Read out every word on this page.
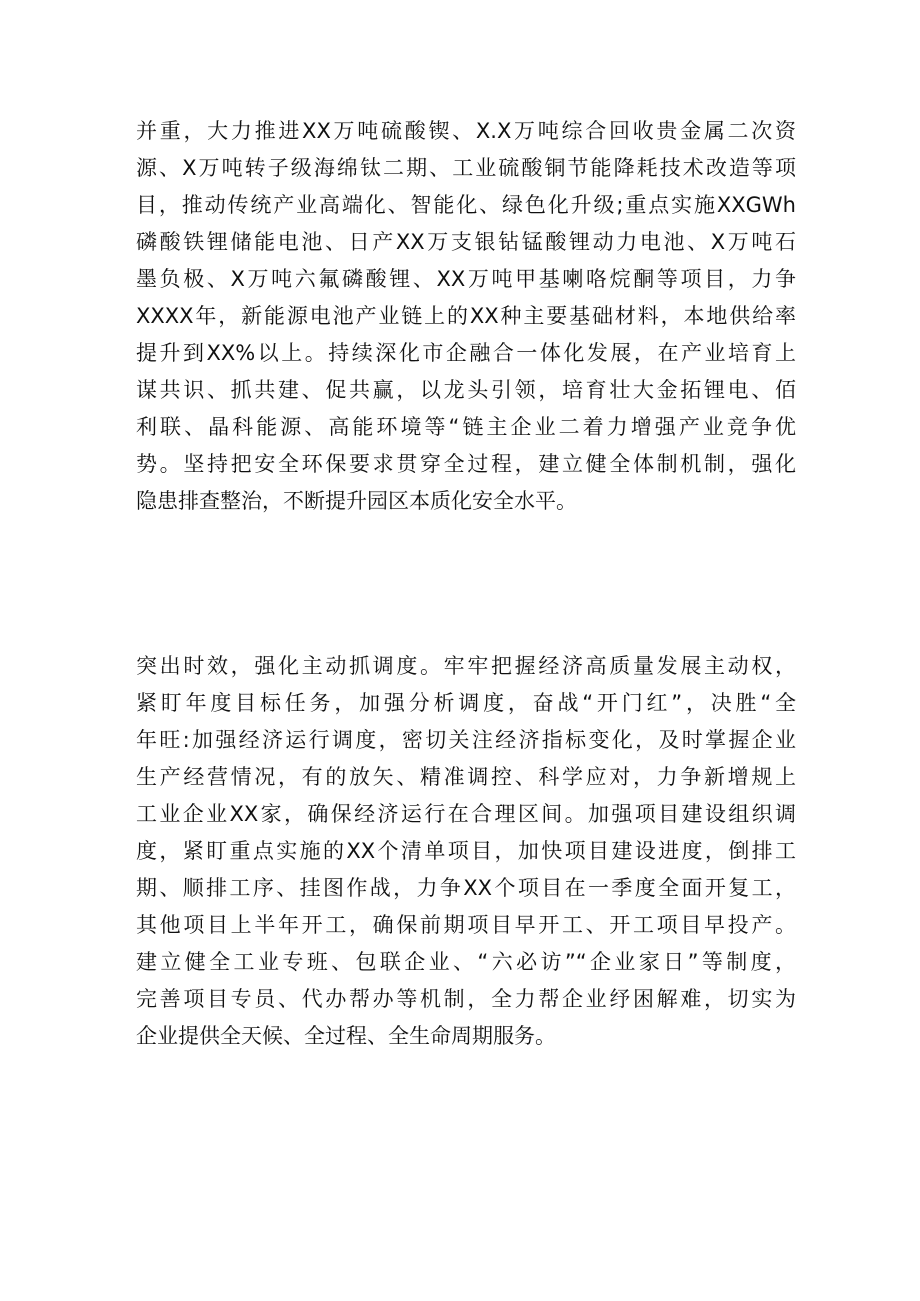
并重，大力推进XX万吨硫酸锲、X.X万吨综合回收贵金属二次资
源、X万吨转子级海绵钛二期、工业硫酸铜节能降耗技术改造等项
目，推动传统产业高端化、智能化、绿色化升级;重点实施XXGWh
磷酸铁锂储能电池、日产XX万支银钻锰酸锂动力电池、X万吨石
墨负极、X万吨六氟磷酸锂、XX万吨甲基喇咯烷酮等项目，力争
XXXX年，新能源电池产业链上的XX种主要基础材料，本地供给率
提升到XX%以上。持续深化市企融合一体化发展，在产业培育上
谋共识、抓共建、促共赢，以龙头引领，培育壮大金拓锂电、佰
利联、晶科能源、高能环境等“链主企业二着力增强产业竞争优
势。坚持把安全环保要求贯穿全过程，建立健全体制机制，强化
隐患排查整治，不断提升园区本质化安全水平。
突出时效，强化主动抓调度。牢牢把握经济高质量发展主动权，
紧盯年度目标任务，加强分析调度，奋战“开门红”，决胜“全
年旺:加强经济运行调度，密切关注经济指标变化，及时掌握企业
生产经营情况，有的放矢、精准调控、科学应对，力争新增规上
工业企业XX家，确保经济运行在合理区间。加强项目建设组织调
度，紧盯重点实施的XX个清单项目，加快项目建设进度，倒排工
期、顺排工序、挂图作战，力争XX个项目在一季度全面开复工，
其他项目上半年开工，确保前期项目早开工、开工项目早投产。
建立健全工业专班、包联企业、“六必访”“企业家日”等制度，
完善项目专员、代办帮办等机制，全力帮企业纾困解难，切实为
企业提供全天候、全过程、全生命周期服务。
